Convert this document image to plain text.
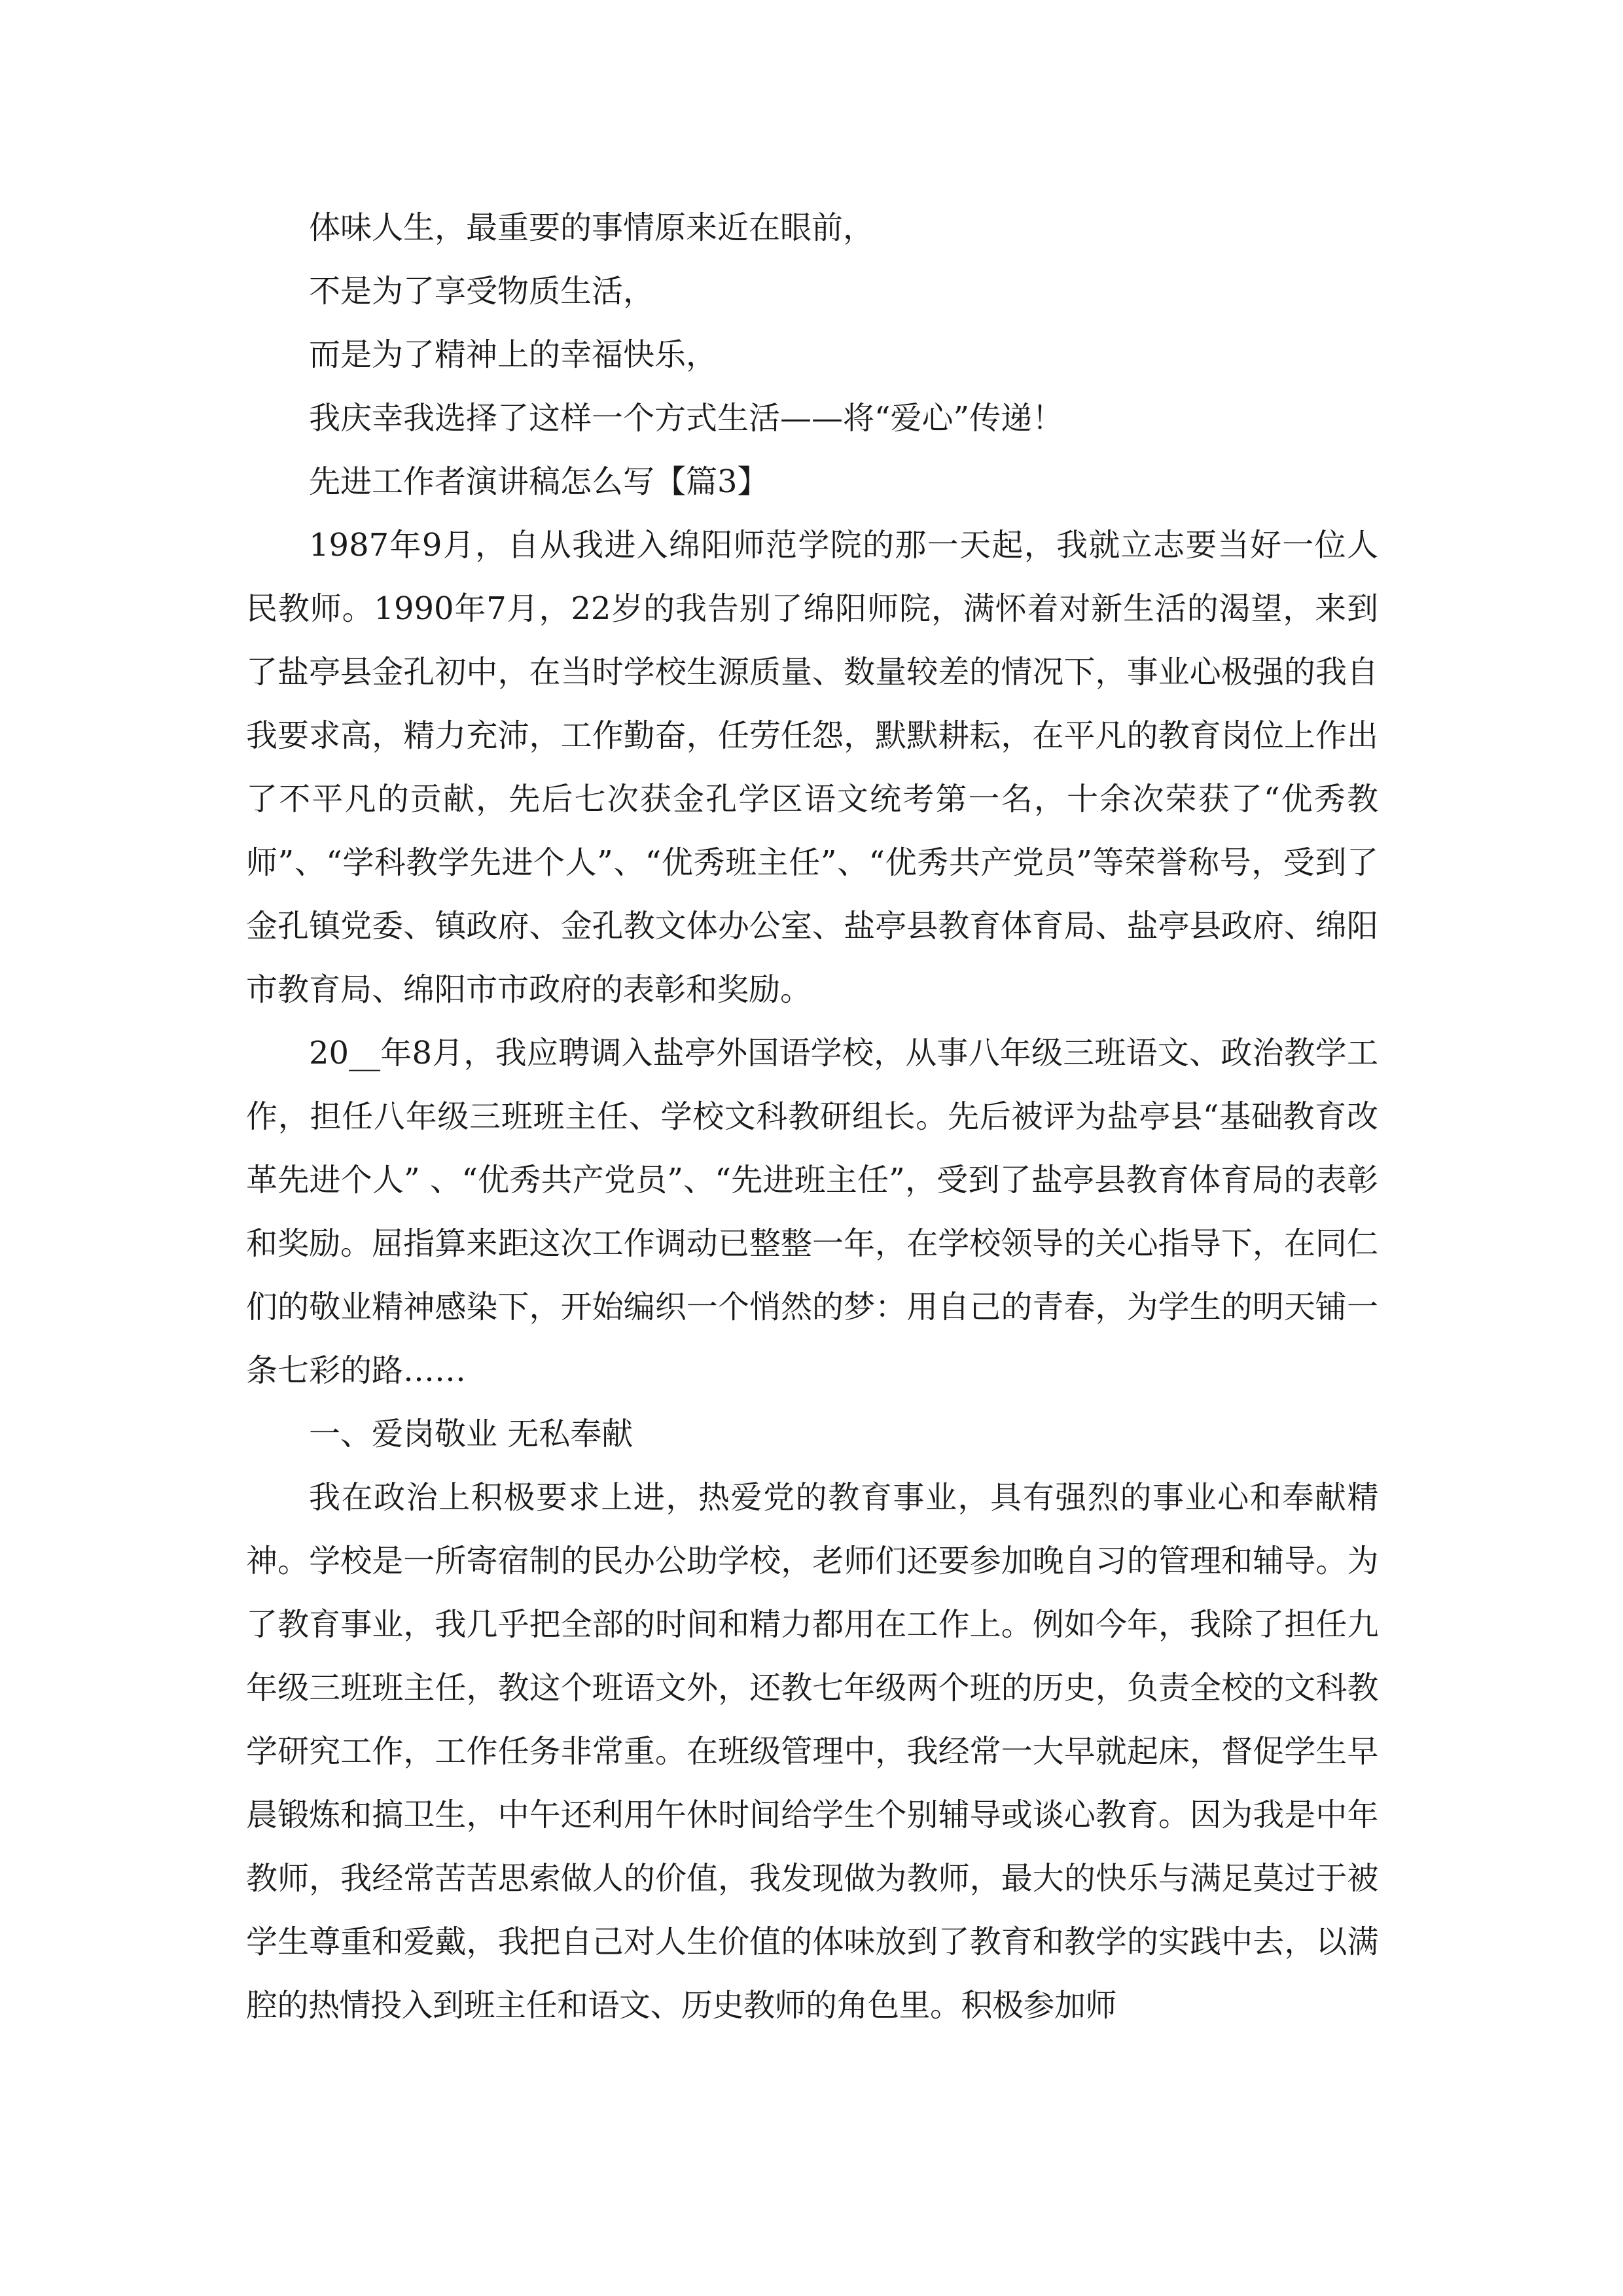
体味人生，最重要的事情原来近在眼前，

不是为了享受物质生活，

而是为了精神上的幸福快乐，

我庆幸我选择了这样一个方式生活——将“爱心”传递！

先进工作者演讲稿怎么写【篇3】

1987年9月，自从我进入绵阳师范学院的那一天起，我就立志要当好一位人民教师。1990年7月，22岁的我告别了绵阳师院，满怀着对新生活的渴望，来到了盐亭县金孔初中，在当时学校生源质量、数量较差的情况下，事业心极强的我自我要求高，精力充沛，工作勤奋，任劳任怨，默默耕耘，在平凡的教育岗位上作出了不平凡的贡献，先后七次获金孔学区语文统考第一名，十余次荣获了“优秀教师”、“学科教学先进个人”、“优秀班主任”、“优秀共产党员”等荣誉称号，受到了金孔镇党委、镇政府、金孔教文体办公室、盐亭县教育体育局、盐亭县政府、绵阳市教育局、绵阳市市政府的表彰和奖励。

20__年8月，我应聘调入盐亭外国语学校，从事八年级三班语文、政治教学工作，担任八年级三班班主任、学校文科教研组长。先后被评为盐亭县“基础教育改革先进个人” 、“优秀共产党员”、“先进班主任”，受到了盐亭县教育体育局的表彰和奖励。屈指算来距这次工作调动已整整一年，在学校领导的关心指导下，在同仁们的敬业精神感染下，开始编织一个悄然的梦：用自己的青春，为学生的明天铺一条七彩的路……

一、爱岗敬业 无私奉献

我在政治上积极要求上进，热爱党的教育事业，具有强烈的事业心和奉献精神。学校是一所寄宿制的民办公助学校，老师们还要参加晚自习的管理和辅导。为了教育事业，我几乎把全部的时间和精力都用在工作上。例如今年，我除了担任九年级三班班主任，教这个班语文外，还教七年级两个班的历史，负责全校的文科教学研究工作，工作任务非常重。在班级管理中，我经常一大早就起床，督促学生早晨锻炼和搞卫生，中午还利用午休时间给学生个别辅导或谈心教育。因为我是中年教师，我经常苦苦思索做人的价值，我发现做为教师，最大的快乐与满足莫过于被学生尊重和爱戴，我把自己对人生价值的体味放到了教育和教学的实践中去，以满腔的热情投入到班主任和语文、历史教师的角色里。积极参加师
